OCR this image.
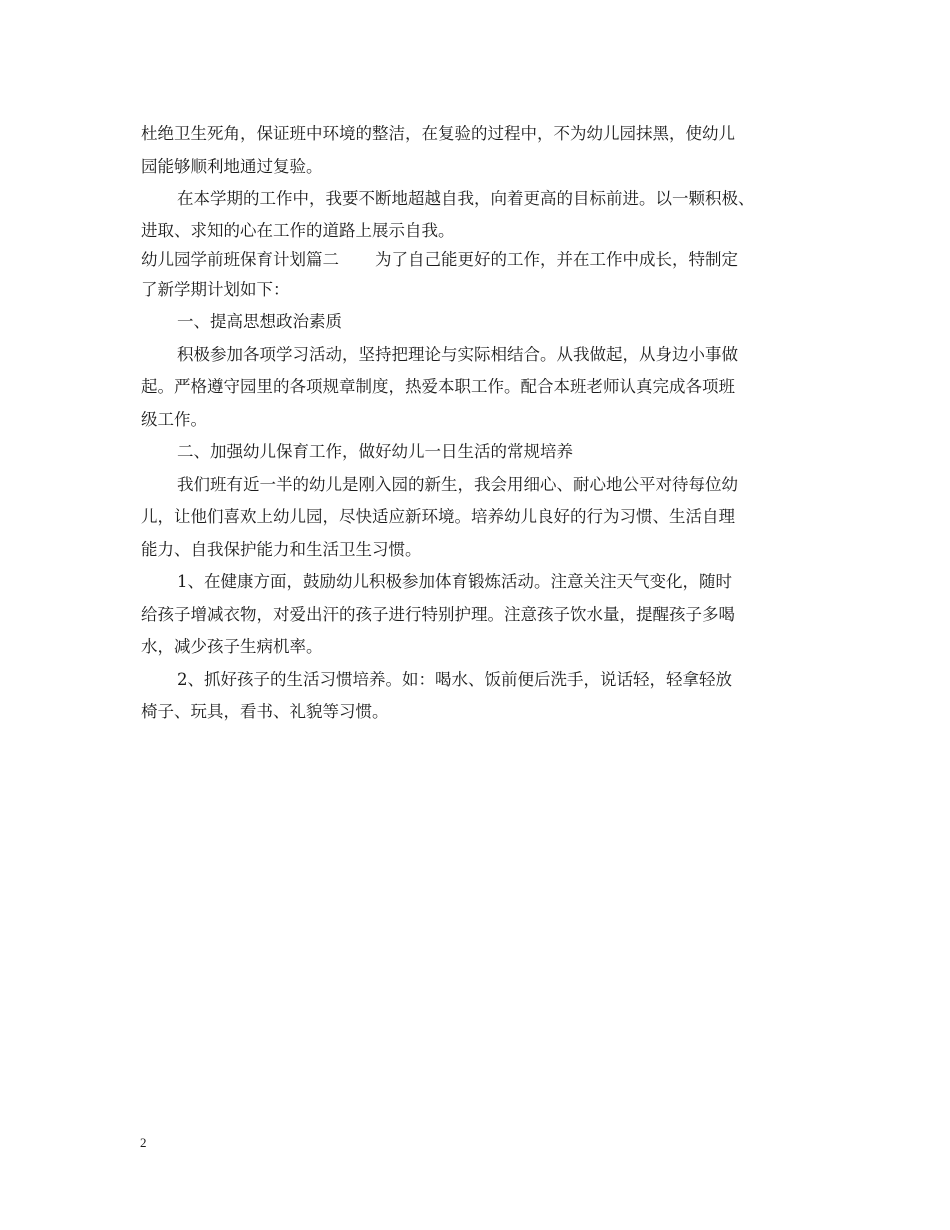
杜绝卫生死角，保证班中环境的整洁，在复验的过程中，不为幼儿园抹黑，使幼儿
园能够顺利地通过复验。
在本学期的工作中，我要不断地超越自我，向着更高的目标前进。以一颗积极、
进取、求知的心在工作的道路上展示自我。
幼儿园学前班保育计划篇二 为了自己能更好的工作，并在工作中成长，特制定
了新学期计划如下：
一、提高思想政治素质
积极参加各项学习活动，坚持把理论与实际相结合。从我做起，从身边小事做
起。严格遵守园里的各项规章制度，热爱本职工作。配合本班老师认真完成各项班
级工作。
二、加强幼儿保育工作，做好幼儿一日生活的常规培养
我们班有近一半的幼儿是刚入园的新生，我会用细心、耐心地公平对待每位幼
儿，让他们喜欢上幼儿园，尽快适应新环境。培养幼儿良好的行为习惯、生活自理
能力、自我保护能力和生活卫生习惯。
1、在健康方面，鼓励幼儿积极参加体育锻炼活动。注意关注天气变化，随时
给孩子增减衣物，对爱出汗的孩子进行特别护理。注意孩子饮水量，提醒孩子多喝
水，减少孩子生病机率。
2、抓好孩子的生活习惯培养。如：喝水、饭前便后洗手，说话轻，轻拿轻放
椅子、玩具，看书、礼貌等习惯。
2
